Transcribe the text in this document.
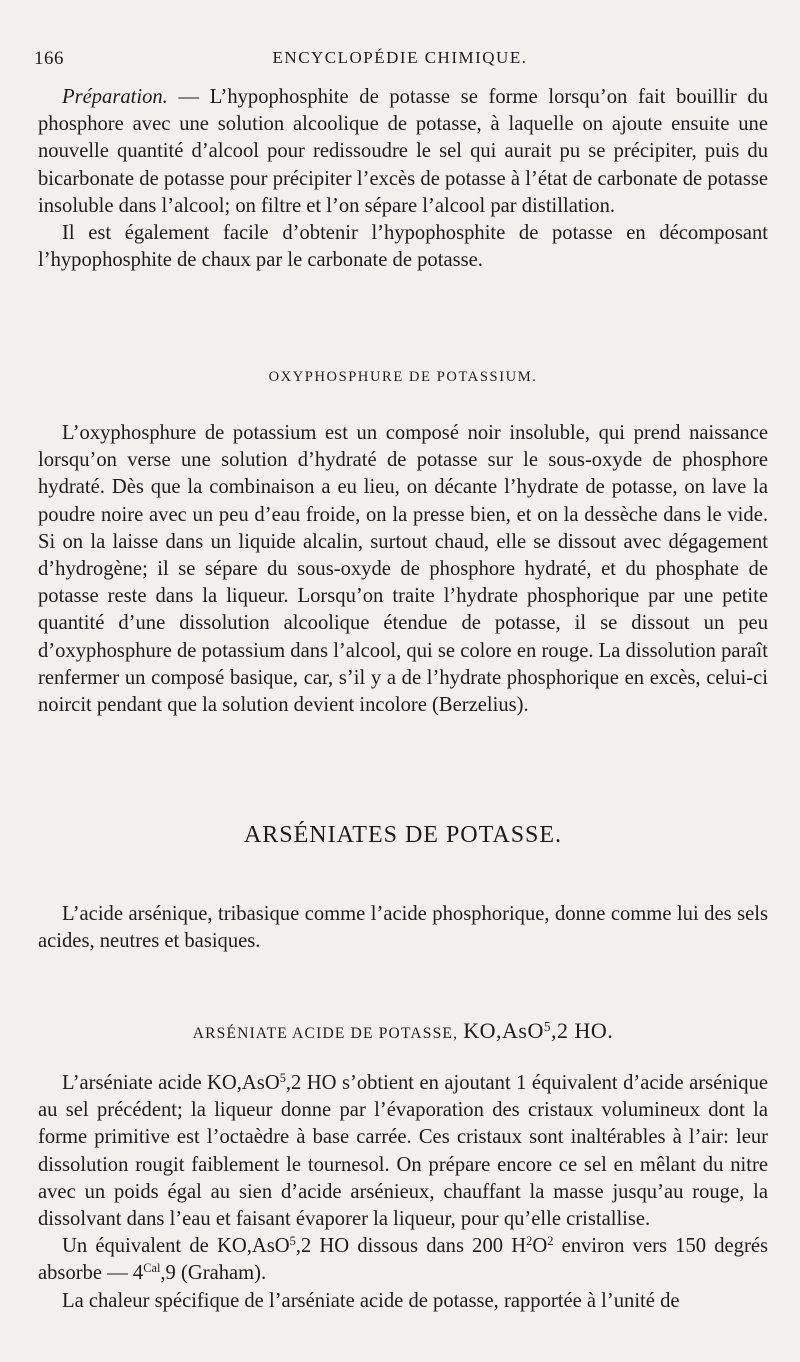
166	ENCYCLOPÉDIE CHIMIQUE.

Préparation. — L’hypophosphite de potasse se forme lorsqu’on fait bouillir du phosphore avec une solution alcoolique de potasse, à laquelle on ajoute ensuite une nouvelle quantité d’alcool pour redissoudre le sel qui aurait pu se précipiter, puis du bicarbonate de potasse pour précipiter l’excès de potasse à l’état de carbonate de potasse insoluble dans l’alcool; on filtre et l’on sépare l’alcool par distillation.

Il est également facile d’obtenir l’hypophosphite de potasse en décomposant l’hypophosphite de chaux par le carbonate de potasse.

OXYPHOSPHURE DE POTASSIUM.

L’oxyphosphure de potassium est un composé noir insoluble, qui prend naissance lorsqu’on verse une solution d’hydraté de potasse sur le sous-oxyde de phosphore hydraté. Dès que la combinaison a eu lieu, on décante l’hydrate de potasse, on lave la poudre noire avec un peu d’eau froide, on la presse bien, et on la dessèche dans le vide. Si on la laisse dans un liquide alcalin, surtout chaud, elle se dissout avec dégagement d’hydrogène; il se sépare du sous-oxyde de phosphore hydraté, et du phosphate de potasse reste dans la liqueur. Lorsqu’on traite l’hydrate phosphorique par une petite quantité d’une dissolution alcoolique étendue de potasse, il se dissout un peu d’oxyphosphure de potassium dans l’alcool, qui se colore en rouge. La dissolution paraît renfermer un composé basique, car, s’il y a de l’hydrate phosphorique en excès, celui-ci noircit pendant que la solution devient incolore (Berzelius).

ARSÉNIATES DE POTASSE.

L’acide arsénique, tribasique comme l’acide phosphorique, donne comme lui des sels acides, neutres et basiques.

ARSÉNIATE ACIDE DE POTASSE, KO,AsO$^5$,2 HO.

L’arséniate acide KO,AsO$^5$,2 HO s’obtient en ajoutant 1 équivalent d’acide arsénique au sel précédent; la liqueur donne par l’évaporation des cristaux volumineux dont la forme primitive est l’octaèdre à base carrée. Ces cristaux sont inaltérables à l’air: leur dissolution rougit faiblement le tournesol. On prépare encore ce sel en mêlant du nitre avec un poids égal au sien d’acide arsénieux, chauffant la masse jusqu’au rouge, la dissolvant dans l’eau et faisant évaporer la liqueur, pour qu’elle cristallise.

Un équivalent de KO,AsO$^5$,2 HO dissous dans 200 $H^2O^2$ environ vers 150 degrés absorbe — $4^{Cal},9$ (Graham).

La chaleur spécifique de l’arséniate acide de potasse, rapportée à l’unité de
